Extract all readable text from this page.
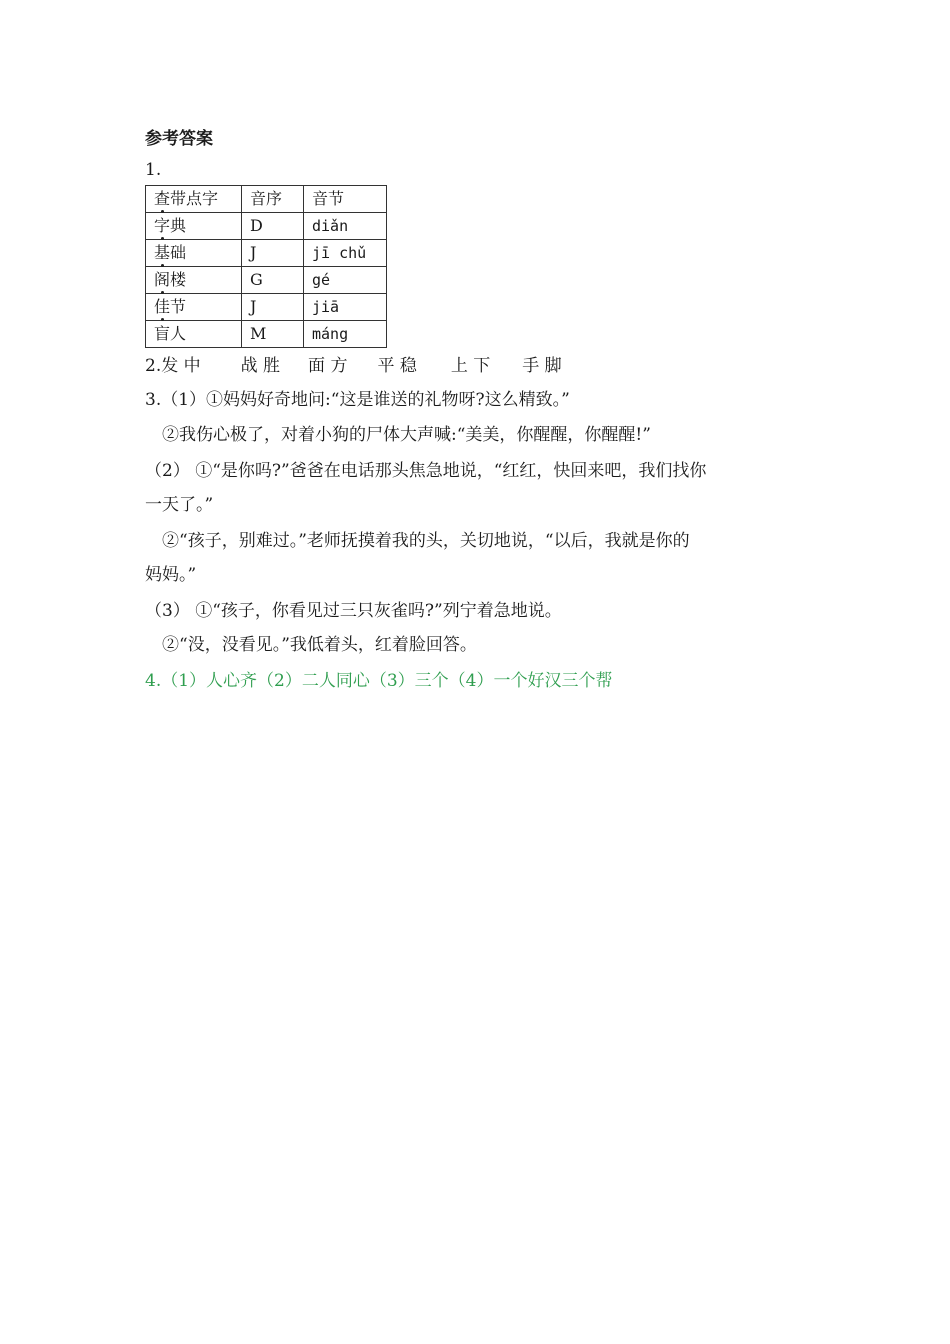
参考答案
1.
查带点字	音序	音节
字典	D	diǎn
基础	J	jī chǔ
阁楼	G	gé
佳节	J	jiā
盲人	M	máng
2.发 中 战 胜 面 方 平 稳 上 下 手 脚
3.（1）①妈妈好奇地问:“这是谁送的礼物呀?这么精致。”
②我伤心极了，对着小狗的尸体大声喊:“美美，你醒醒，你醒醒!”
（2） ①“是你吗?”爸爸在电话那头焦急地说，“红红，快回来吧，我们找你
一天了。”
②“孩子，别难过。”老师抚摸着我的头，关切地说，“以后，我就是你的
妈妈。”
（3） ①“孩子，你看见过三只灰雀吗?”列宁着急地说。
②“没，没看见。”我低着头，红着脸回答。
4.（1）人心齐（2）二人同心（3）三个（4）一个好汉三个帮
